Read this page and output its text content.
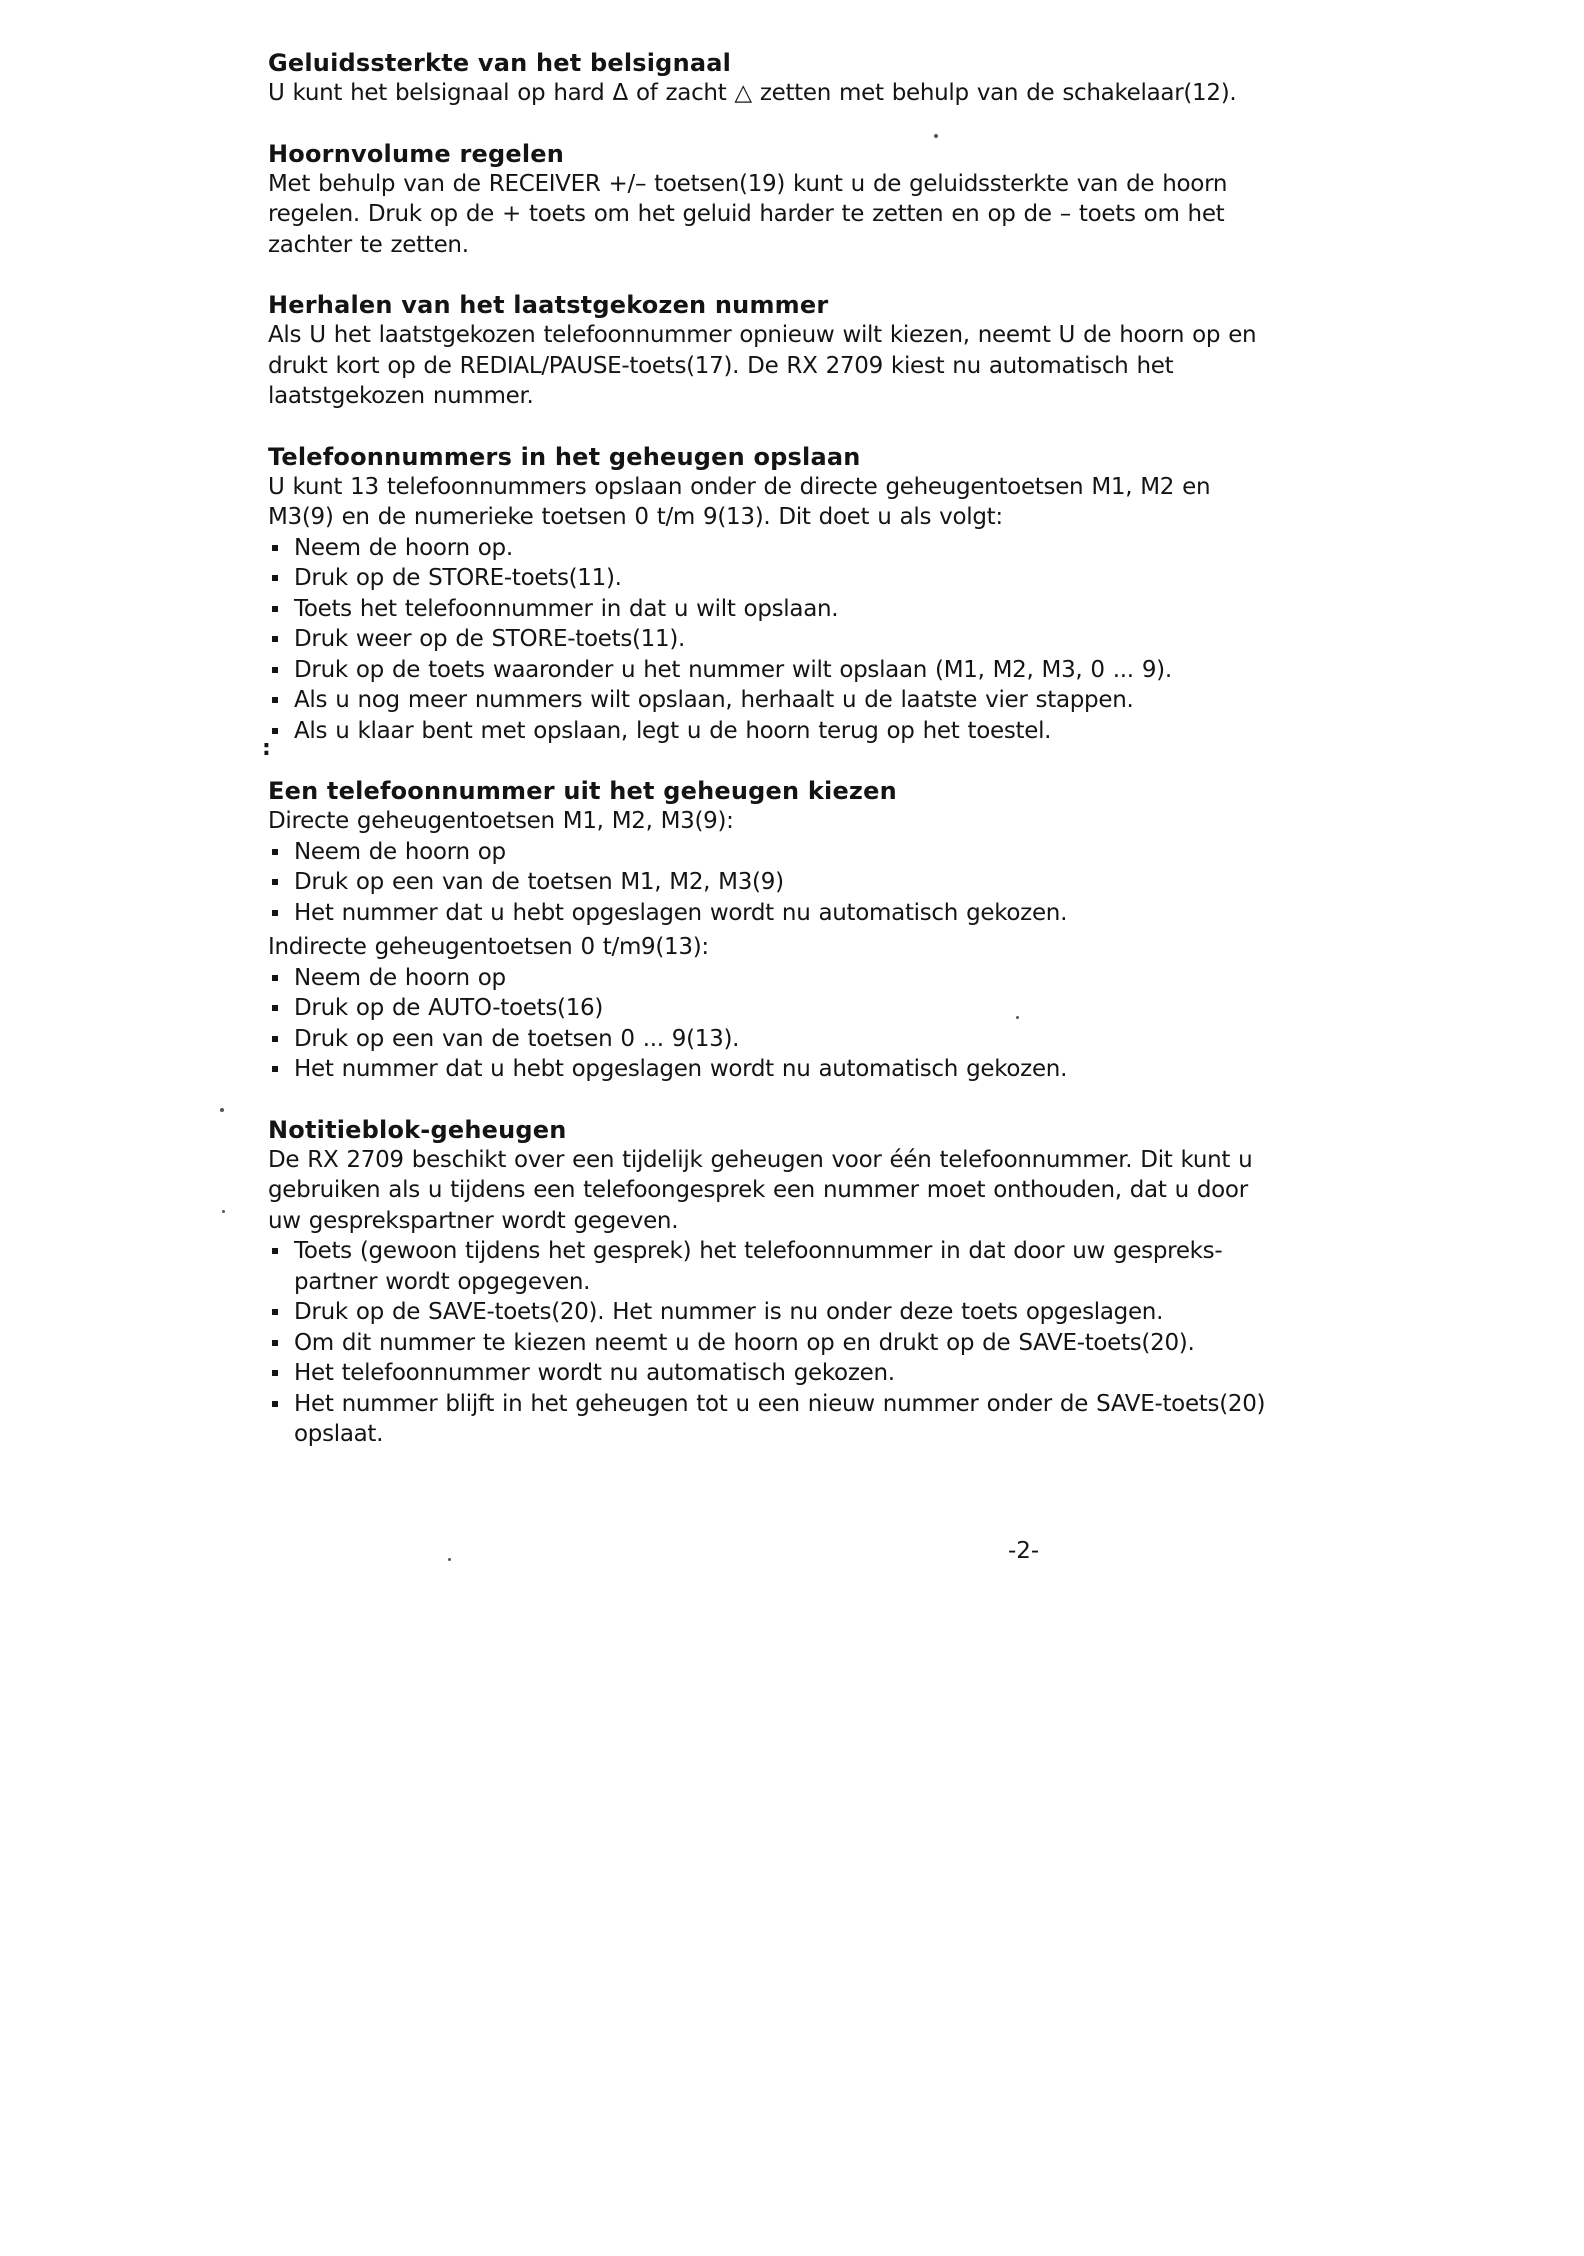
Geluidssterkte van het belsignaal

U kunt het belsignaal op hard Δ of zacht △ zetten met behulp van de schakelaar(12).

Hoornvolume regelen

Met behulp van de RECEIVER +/– toetsen(19) kunt u de geluidssterkte van de hoorn regelen. Druk op de + toets om het geluid harder te zetten en op de – toets om het zachter te zetten.

Herhalen van het laatstgekozen nummer

Als U het laatstgekozen telefoonnummer opnieuw wilt kiezen, neemt U de hoorn op en drukt kort op de REDIAL/PAUSE-toets(17). De RX 2709 kiest nu automatisch het laatstgekozen nummer.

Telefoonnummers in het geheugen opslaan

U kunt 13 telefoonnummers opslaan onder de directe geheugentoetsen M1, M2 en M3(9) en de numerieke toetsen 0 t/m 9(13). Dit doet u als volgt:

Neem de hoorn op.
Druk op de STORE-toets(11).
Toets het telefoonnummer in dat u wilt opslaan.
Druk weer op de STORE-toets(11).
Druk op de toets waaronder u het nummer wilt opslaan (M1, M2, M3, 0 ... 9).
Als u nog meer nummers wilt opslaan, herhaalt u de laatste vier stappen.
Als u klaar bent met opslaan, legt u de hoorn terug op het toestel.

Een telefoonnummer uit het geheugen kiezen

Directe geheugentoetsen M1, M2, M3(9):

Neem de hoorn op
Druk op een van de toetsen M1, M2, M3(9)
Het nummer dat u hebt opgeslagen wordt nu automatisch gekozen.

Indirecte geheugentoetsen 0 t/m9(13):

Neem de hoorn op
Druk op de AUTO-toets(16)
Druk op een van de toetsen 0 ... 9(13).
Het nummer dat u hebt opgeslagen wordt nu automatisch gekozen.

Notitieblok-geheugen

De RX 2709 beschikt over een tijdelijk geheugen voor één telefoonnummer. Dit kunt u gebruiken als u tijdens een telefoongesprek een nummer moet onthouden, dat u door uw gesprekspartner wordt gegeven.

Toets (gewoon tijdens het gesprek) het telefoonnummer in dat door uw gespreks-partner wordt opgegeven.
Druk op de SAVE-toets(20). Het nummer is nu onder deze toets opgeslagen.
Om dit nummer te kiezen neemt u de hoorn op en drukt op de SAVE-toets(20).
Het telefoonnummer wordt nu automatisch gekozen.
Het nummer blijft in het geheugen tot u een nieuw nummer onder de SAVE-toets(20) opslaat.
-2-
:
